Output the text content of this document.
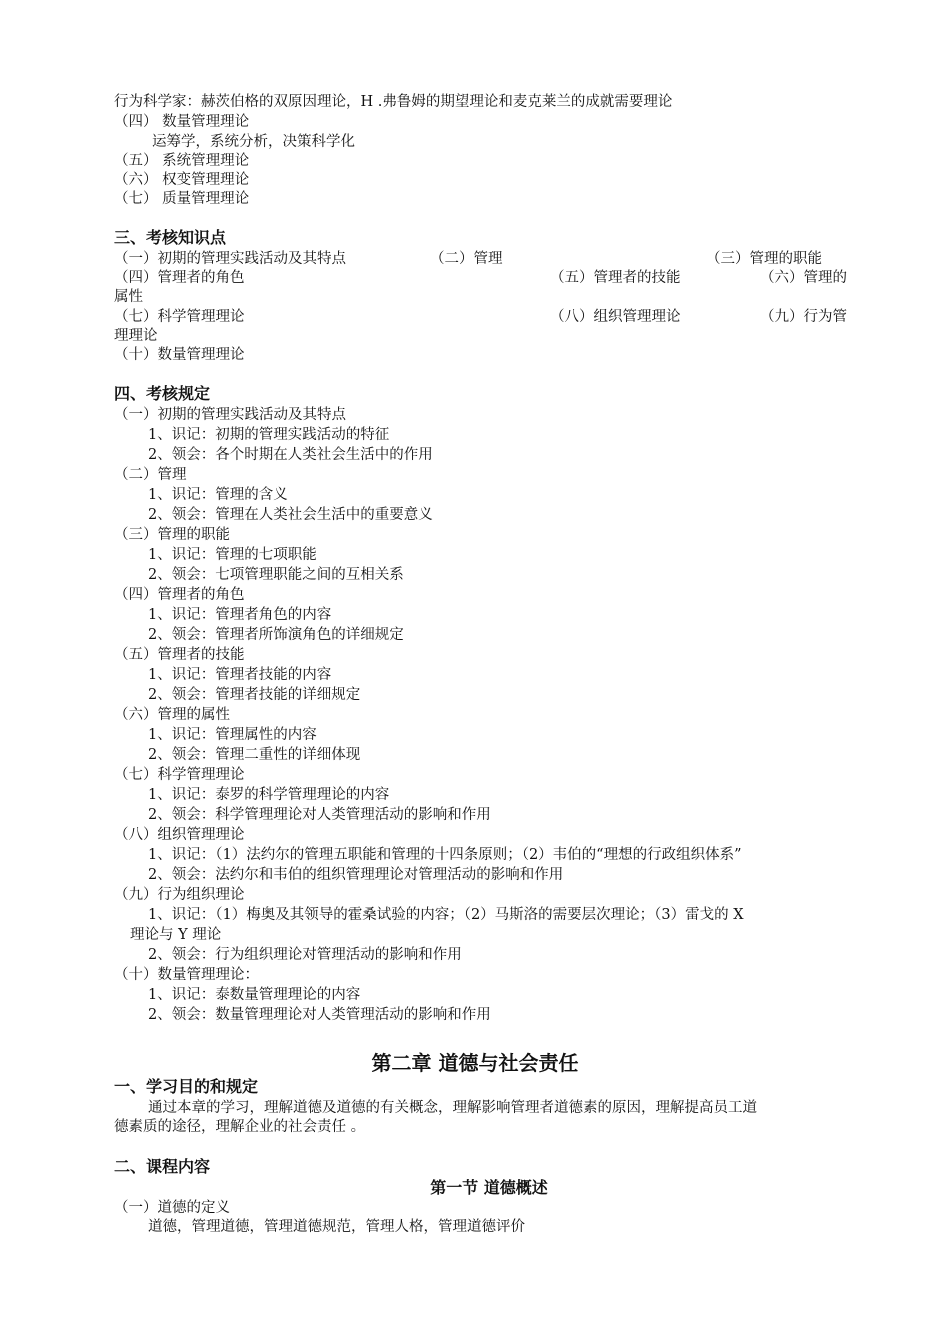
行为科学家：赫茨伯格的双原因理论，H .弗鲁姆的期望理论和麦克莱兰的成就需要理论
（四） 数量管理理论
运筹学，系统分析，决策科学化
（五） 系统管理理论
（六） 权变管理理论
（七） 质量管理理论
三、考核知识点
（一）初期的管理实践活动及其特点	（二）管理	（三）管理的职能
（四）管理者的角色	（五）管理者的技能	（六）管理的
属性
（七）科学管理理论	（八）组织管理理论	（九）行为管
理理论
（十）数量管理理论
四、考核规定
（一）初期的管理实践活动及其特点
1、识记：初期的管理实践活动的特征
2、领会：各个时期在人类社会生活中的作用
（二）管理
1、识记：管理的含义
2、领会：管理在人类社会生活中的重要意义
（三）管理的职能
1、识记：管理的七项职能
2、领会：七项管理职能之间的互相关系
（四）管理者的角色
1、识记：管理者角色的内容
2、领会：管理者所饰演角色的详细规定
（五）管理者的技能
1、识记：管理者技能的内容
2、领会：管理者技能的详细规定
（六）管理的属性
1、识记：管理属性的内容
2、领会：管理二重性的详细体现
（七）科学管理理论
1、识记：泰罗的科学管理理论的内容
2、领会：科学管理理论对人类管理活动的影响和作用
（八）组织管理理论
1、识记：（1）法约尔的管理五职能和管理的十四条原则；（2）韦伯的“理想的行政组织体系”
2、领会：法约尔和韦伯的组织管理理论对管理活动的影响和作用
（九）行为组织理论
1、识记：（1）梅奥及其领导的霍桑试验的内容；（2）马斯洛的需要层次理论；（3）雷戈的 X
理论与 Y 理论
2、领会：行为组织理论对管理活动的影响和作用
（十）数量管理理论：
1、识记：泰数量管理理论的内容
2、领会：数量管理理论对人类管理活动的影响和作用
第二章 道德与社会责任
一、学习目的和规定
通过本章的学习，理解道德及道德的有关概念，理解影响管理者道德素的原因，理解提高员工道
德素质的途径，理解企业的社会责任 。
二、课程内容
第一节 道德概述
（一）道德的定义
道德，管理道德，管理道德规范，管理人格，管理道德评价
